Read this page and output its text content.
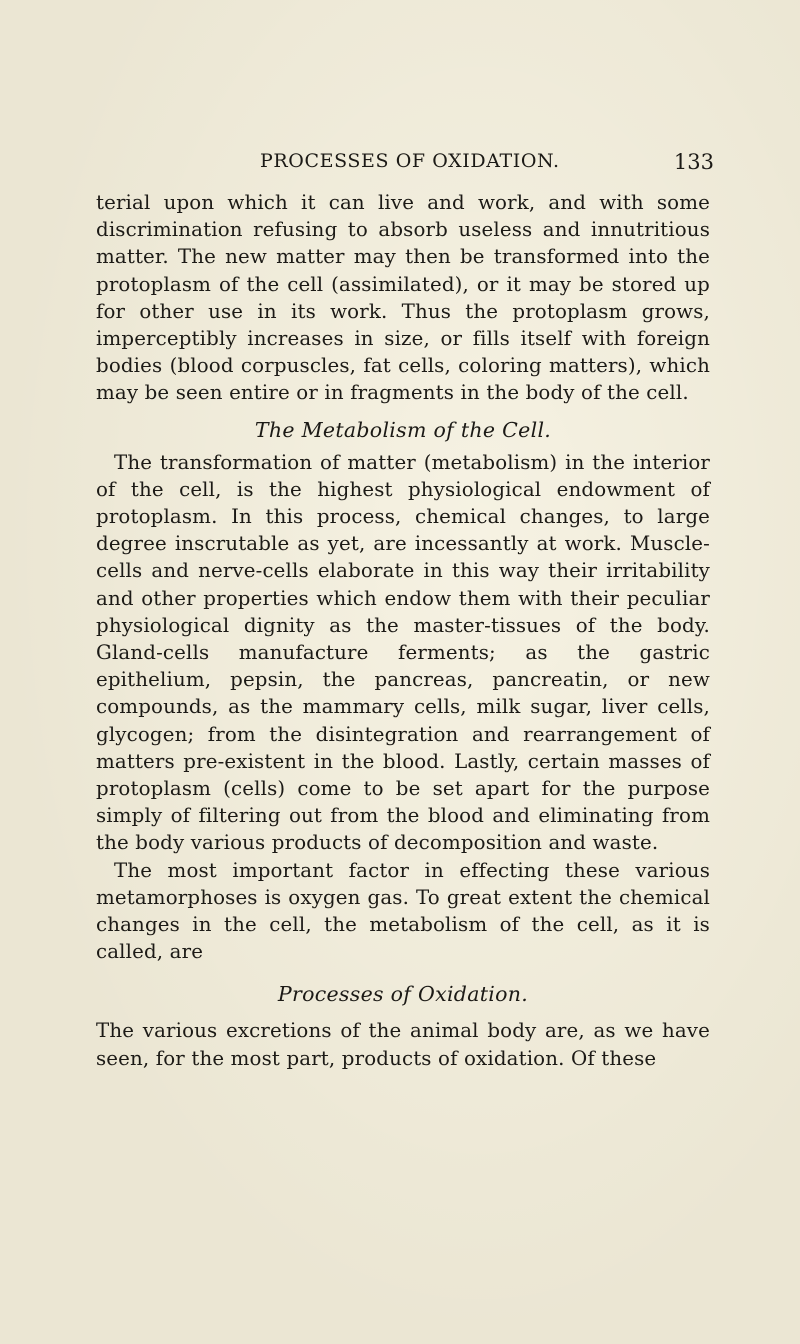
PROCESSES OF OXIDATION.	133

terial upon which it can live and work, and with some discrimination refusing to absorb useless and innutritious matter. The new matter may then be transformed into the protoplasm of the cell (assimilated), or it may be stored up for other use in its work. Thus the protoplasm grows, imperceptibly increases in size, or fills itself with foreign bodies (blood corpuscles, fat cells, coloring matters), which may be seen entire or in fragments in the body of the cell.

The Metabolism of the Cell.

The transformation of matter (metabolism) in the interior of the cell, is the highest physiological endowment of protoplasm. In this process, chemical changes, to large degree inscrutable as yet, are incessantly at work. Muscle-cells and nerve-cells elaborate in this way their irritability and other properties which endow them with their peculiar physiological dignity as the master-tissues of the body. Gland-cells manufacture ferments; as the gastric epithelium, pepsin, the pancreas, pancreatin, or new compounds, as the mammary cells, milk sugar, liver cells, glycogen; from the disintegration and rearrangement of matters pre-existent in the blood. Lastly, certain masses of protoplasm (cells) come to be set apart for the purpose simply of filtering out from the blood and eliminating from the body various products of decomposition and waste.

The most important factor in effecting these various metamorphoses is oxygen gas. To great extent the chemical changes in the cell, the metabolism of the cell, as it is called, are

Processes of Oxidation.

The various excretions of the animal body are, as we have seen, for the most part, products of oxidation. Of these
